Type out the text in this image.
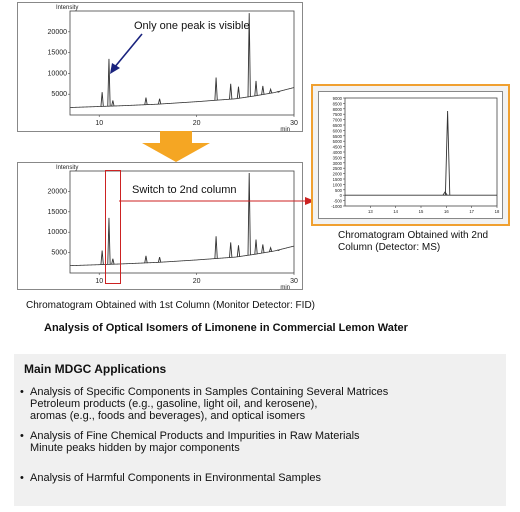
5000
10000
15000
20000
10	20	30
Intensity
min
Only one peak is visible
5000
10000
15000
20000
10	20	30
Intensity
min
Switch to 2nd column
-1000
-500
0
500
1000
1500
2000
2500
3000
3500
4000
4500
5000
5500
6000
6500
7000
7500
8000
8500
9000
13	14	15	16	17	18
Chromatogram Obtained with 2nd
Column (Detector: MS)
Chromatogram Obtained with 1st Column (Monitor Detector: FID)
Analysis of Optical Isomers of Limonene in Commercial Lemon Water
Main MDGC Applications
• Analysis of Specific Components in Samples Containing Several Matrices
Petroleum products (e.g., gasoline, light oil, and kerosene),
aromas (e.g., foods and beverages), and optical isomers
• Analysis of Fine Chemical Products and Impurities in Raw Materials
Minute peaks hidden by major components
• Analysis of Harmful Components in Environmental Samples
